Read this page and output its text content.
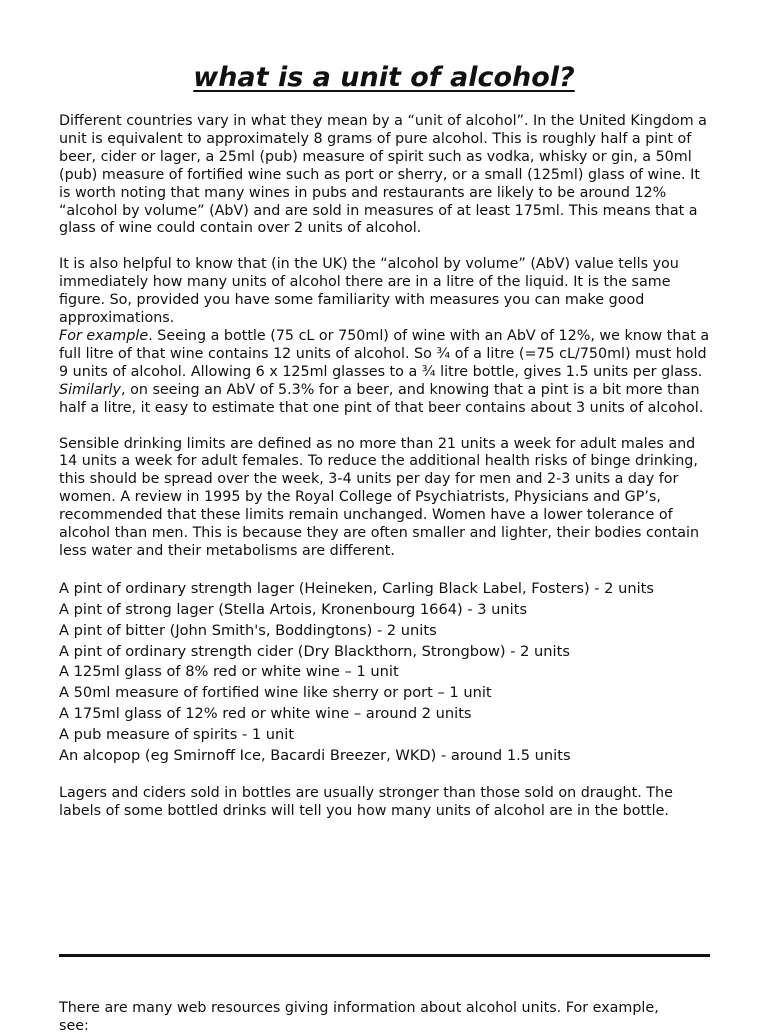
what is a unit of alcohol?

Different countries vary in what they mean by a “unit of alcohol”. In the United Kingdom a unit is equivalent to approximately 8 grams of pure alcohol. This is roughly half a pint of beer, cider or lager, a 25ml (pub) measure of spirit such as vodka, whisky or gin, a 50ml (pub) measure of fortified wine such as port or sherry, or a small (125ml) glass of wine. It is worth noting that many wines in pubs and restaurants are likely to be around 12% “alcohol by volume” (AbV) and are sold in measures of at least 175ml. This means that a glass of wine could contain over 2 units of alcohol.

It is also helpful to know that (in the UK) the “alcohol by volume” (AbV) value tells you immediately how many units of alcohol there are in a litre of the liquid. It is the same figure. So, provided you have some familiarity with measures you can make good approximations.

For example. Seeing a bottle (75 cL or 750ml) of wine with an AbV of 12%, we know that a full litre of that wine contains 12 units of alcohol. So ¾ of a litre (=75 cL/750ml) must hold 9 units of alcohol. Allowing 6 x 125ml glasses to a ¾ litre bottle, gives 1.5 units per glass.

Similarly, on seeing an AbV of 5.3% for a beer, and knowing that a pint is a bit more than half a litre, it easy to estimate that one pint of that beer contains about 3 units of alcohol.

Sensible drinking limits are defined as no more than 21 units a week for adult males and 14 units a week for adult females. To reduce the additional health risks of binge drinking, this should be spread over the week, 3-4 units per day for men and 2-3 units a day for women. A review in 1995 by the Royal College of Psychiatrists, Physicians and GP’s, recommended that these limits remain unchanged. Women have a lower tolerance of alcohol than men. This is because they are often smaller and lighter, their bodies contain less water and their metabolisms are different.

A pint of ordinary strength lager (Heineken, Carling Black Label, Fosters) - 2 units
A pint of strong lager (Stella Artois, Kronenbourg 1664) - 3 units
A pint of bitter (John Smith's, Boddingtons) - 2 units
A pint of ordinary strength cider (Dry Blackthorn, Strongbow) - 2 units
A 125ml glass of 8% red or white wine – 1 unit
A 50ml measure of fortified wine like sherry or port – 1 unit
A 175ml glass of 12% red or white wine – around 2 units
A pub measure of spirits - 1 unit
An alcopop (eg Smirnoff Ice, Bacardi Breezer, WKD) - around 1.5 units

Lagers and ciders sold in bottles are usually stronger than those sold on draught. The labels of some bottled drinks will tell you how many units of alcohol are in the bottle.

There are many web resources giving information about alcohol units. For example, see:
